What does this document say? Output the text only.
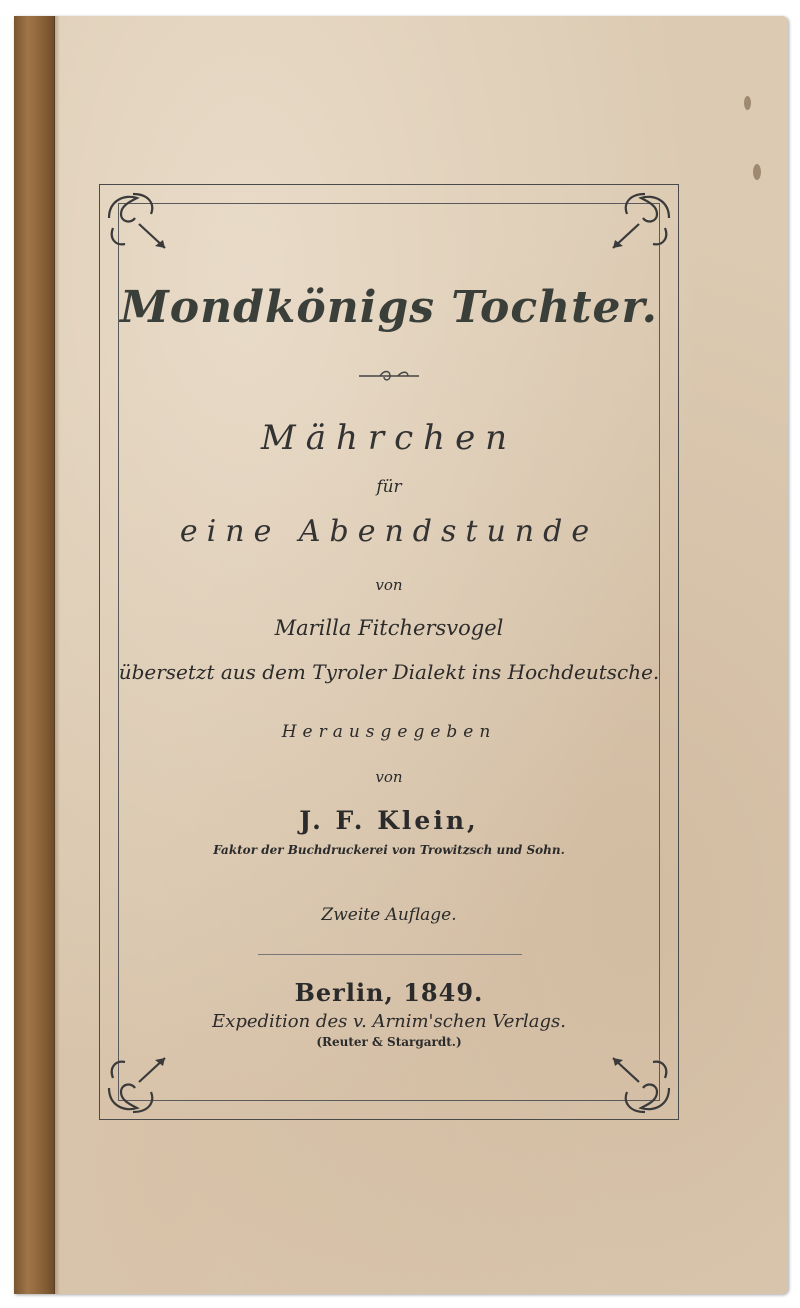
Mondkönigs Tochter.
Mährchen
für
eine Abendstunde
von
Marilla Fitchersvogel
übersetzt aus dem Tyroler Dialekt ins Hochdeutsche.
Herausgegeben
von
J. F. Klein,
Faktor der Buchdruckerei von Trowitzsch und Sohn.
Zweite Auflage.
Berlin, 1849.
Expedition des v. Arnim'schen Verlags.
(Reuter & Stargardt.)
